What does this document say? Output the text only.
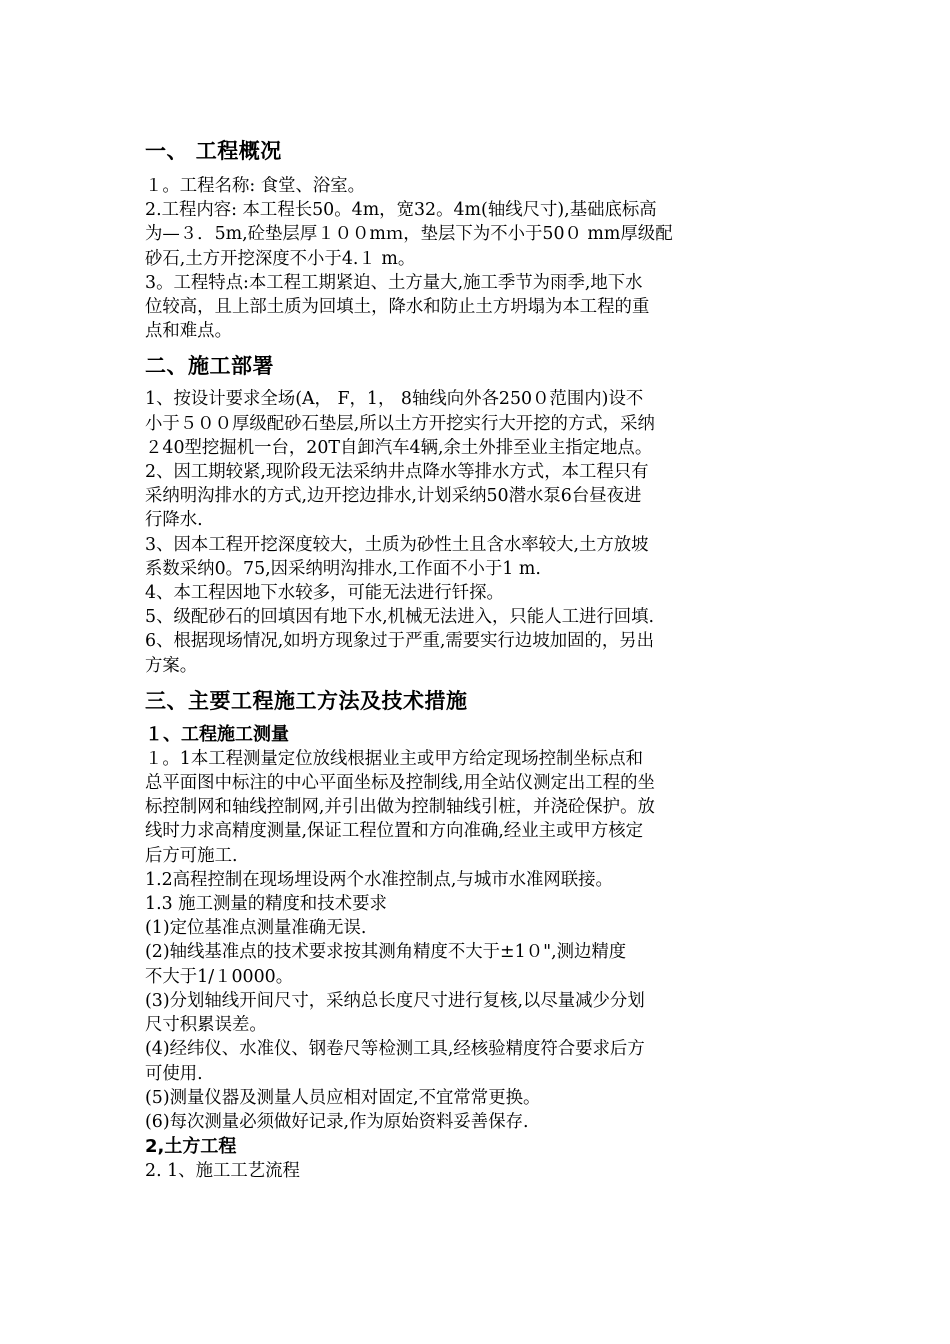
一、 工程概况
１。工程名称: 食堂、浴室。
2.工程内容: 本工程长50。4m，宽32。4m(轴线尺寸),基础底标高
为—３．5m,砼垫层厚１００mｍ，垫层下为不小于50０ mm厚级配
砂石,土方开挖深度不小于4.１ m。
3。工程特点:本工程工期紧迫、土方量大,施工季节为雨季,地下水
位较高，且上部土质为回填土，降水和防止土方坍塌为本工程的重
点和难点。
二、施工部署
1、按设计要求全场(A， F，1， 8轴线向外各250０范围内)设不
小于５００厚级配砂石垫层,所以土方开挖实行大开挖的方式，采纳
２40型挖掘机一台，20T自卸汽车4辆,余土外排至业主指定地点。
2、因工期较紧,现阶段无法采纳井点降水等排水方式，本工程只有
采纳明沟排水的方式,边开挖边排水,计划采纳50潜水泵6台昼夜进
行降水.
3、因本工程开挖深度较大，土质为砂性土且含水率较大,土方放坡
系数采纳0。75,因采纳明沟排水,工作面不小于1 m.
4、本工程因地下水较多，可能无法进行钎探。
5、级配砂石的回填因有地下水,机械无法进入，只能人工进行回填.
6、根据现场情况,如坍方现象过于严重,需要实行边坡加固的，另出
方案。
三、主要工程施工方法及技术措施
１、工程施工测量
１。1本工程测量定位放线根据业主或甲方给定现场控制坐标点和
总平面图中标注的中心平面坐标及控制线,用全站仪测定出工程的坐
标控制网和轴线控制网,并引出做为控制轴线引桩，并浇砼保护。放
线时力求高精度测量,保证工程位置和方向准确,经业主或甲方核定
后方可施工.
1.2高程控制在现场埋设两个水准控制点,与城市水准网联接。
1.3 施工测量的精度和技术要求
(1)定位基准点测量准确无误.
(2)轴线基准点的技术要求按其测角精度不大于±1０",测边精度
不大于1/１0000。
(3)分划轴线开间尺寸，采纳总长度尺寸进行复核,以尽量减少分划
尺寸积累误差。
(4)经纬仪、水准仪、钢卷尺等检测工具,经核验精度符合要求后方
可使用.
(5)测量仪器及测量人员应相对固定,不宜常常更换。
(6)每次测量必须做好记录,作为原始资料妥善保存.
2,土方工程
2. 1、施工工艺流程
